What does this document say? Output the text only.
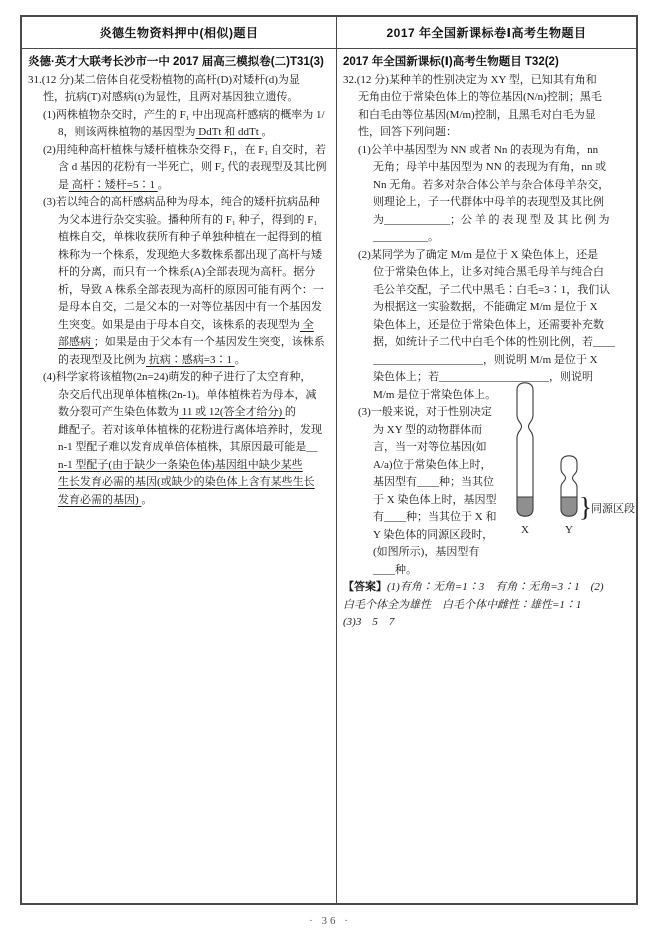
炎德生物资料押中(相似)题目	2017 年全国新课标卷Ⅰ高考生物题目
炎德·英才大联考长沙市一中 2017 届高三模拟卷(二)T31(3)
31.(12 分)某二倍体自花受粉植物的高杆(D)对矮杆(d)为显
性，抗病(T)对感病(t)为显性，且两对基因独立遗传。
(1)两株植物杂交时，产生的 F₁ 中出现高杆感病的概率为 1/
8，则该两株植物的基因型为 DdTt 和 ddTt 。
(2)用纯种高杆植株与矮杆植株杂交得 F₁，在 F₁ 自交时，若
含 d 基因的花粉有一半死亡，则 F₂ 代的表现型及其比例
是 高杆∶矮杆=5∶1 。
(3)若以纯合的高杆感病品种为母本，纯合的矮杆抗病品种
为父本进行杂交实验。播种所有的 F₁ 种子，得到的 F₁
植株自交，单株收获所有种子单独种植在一起得到的植
株称为一个株系，发现绝大多数株系都出现了高杆与矮
杆的分离，而只有一个株系(A)全部表现为高杆。据分
析，导致 A 株系全部表现为高杆的原因可能有两个：一
是母本自交，二是父本的一对等位基因中有一个基因发
生突变。如果是由于母本自交，该株系的表现型为 全
部感病 ；如果是由于父本有一个基因发生突变，该株系
的表现型及比例为 抗病∶感病=3∶1 。
(4)科学家将该植物(2n=24)萌发的种子进行了太空育种，
杂交后代出现单体植株(2n-1)。单体植株若为母本，减
数分裂可产生染色体数为 11 或 12(答全才给分) 的
雌配子。若对该单体植株的花粉进行离体培养时，发现
n-1 型配子难以发育成单倍体植株，其原因最可能是__
n-1 型配子(由于缺少一条染色体)基因组中缺少某些
生长发育必需的基因(或缺少的染色体上含有某些生长
发育必需的基因) 。
2017 年全国新课标(Ⅰ)高考生物题目 T32(2)
32.(12 分)某种羊的性别决定为 XY 型，已知其有角和
无角由位于常染色体上的等位基因(N/n)控制；黑毛
和白毛由等位基因(M/m)控制，且黑毛对白毛为显
性，回答下列问题：
(1)公羊中基因型为 NN 或者 Nn 的表现为有角，nn
无角；母羊中基因型为 NN 的表现为有角，nn 或
Nn 无角。若多对杂合体公羊与杂合体母羊杂交，
则理论上，子一代群体中母羊的表现型及其比例
为____________；公 羊 的 表 现 型 及 其 比 例 为
__________。
(2)某同学为了确定 M/m 是位于 X 染色体上，还是
位于常染色体上，让多对纯合黑毛母羊与纯合白
毛公羊交配，子二代中黑毛∶白毛=3∶1，我们认
为根据这一实验数据，不能确定 M/m 是位于 X
染色体上，还是位于常染色体上，还需要补充数
据，如统计子二代中白毛个体的性别比例，若____
____________________，则说明 M/m 是位于 X
染色体上；若____________________，则说明
M/m 是位于常染色体上。
(3)一般来说，对于性别决定
为 XY 型的动物群体而
言，当一对等位基因(如
A/a)位于常染色体上时，
基因型有____种；当其位
于 X 染色体上时，基因型
有____种；当其位于 X 和
Y 染色体的同源区段时，
(如图所示)，基因型有
____种。
【答案】(1)有角∶无角=1∶3　有角∶无角=3∶1　(2)
白毛个体全为雄性　白毛个体中雌性∶雄性=1∶1
(3)3　5　7
X	Y
} 同源区段
· 36 ·
